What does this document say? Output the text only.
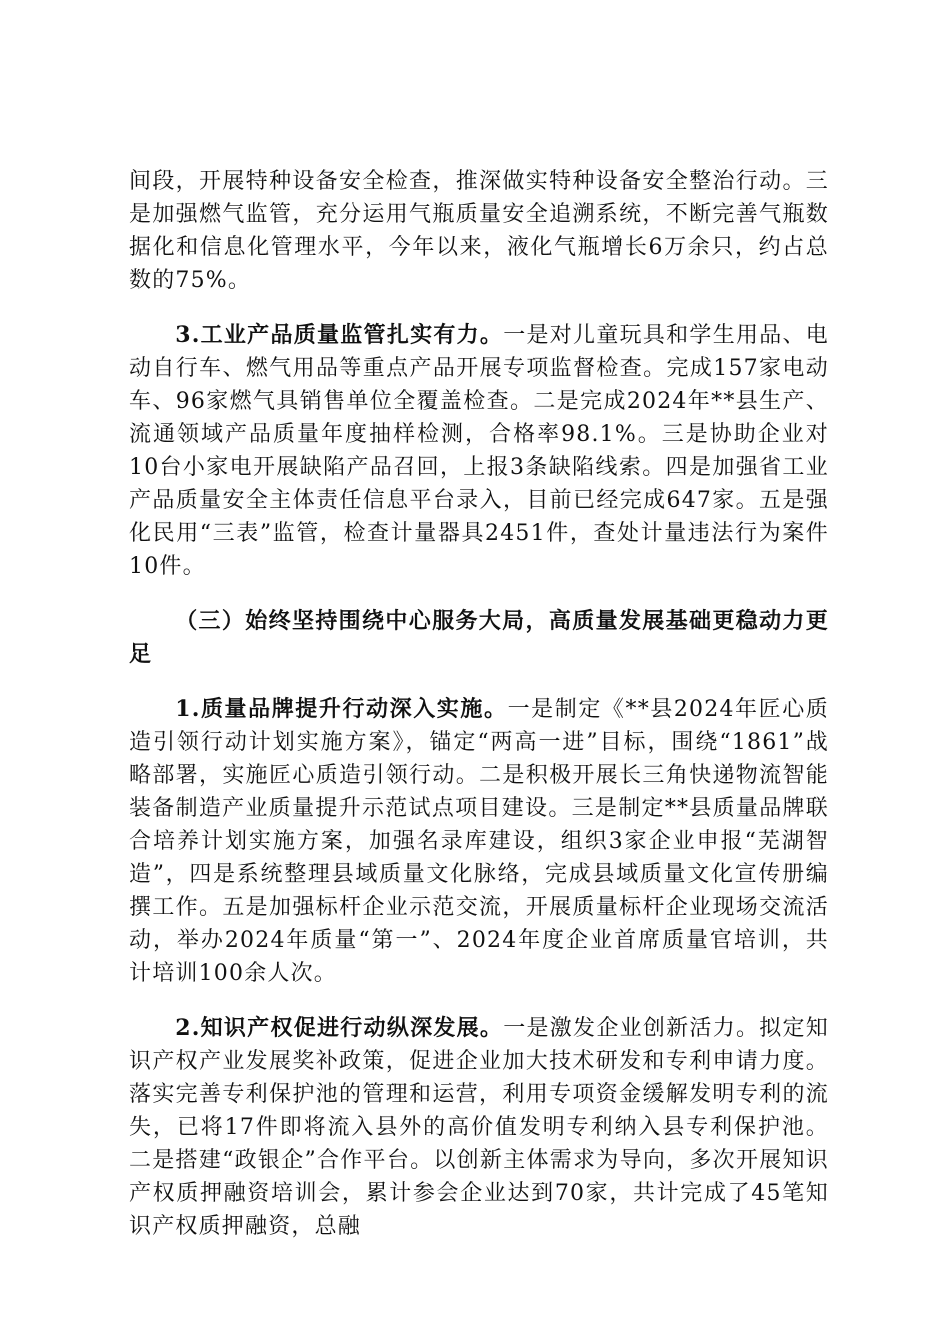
间段，开展特种设备安全检查，推深做实特种设备安全整治行动。三是加强燃气监管，充分运用气瓶质量安全追溯系统，不断完善气瓶数据化和信息化管理水平，今年以来，液化气瓶增长6万余只，约占总数的75%。

3.工业产品质量监管扎实有力。一是对儿童玩具和学生用品、电动自行车、燃气用品等重点产品开展专项监督检查。完成157家电动车、96家燃气具销售单位全覆盖检查。二是完成2024年**县生产、流通领域产品质量年度抽样检测，合格率98.1%。三是协助企业对10台小家电开展缺陷产品召回，上报3条缺陷线索。四是加强省工业产品质量安全主体责任信息平台录入，目前已经完成647家。五是强化民用“三表”监管，检查计量器具2451件，查处计量违法行为案件10件。

（三）始终坚持围绕中心服务大局，高质量发展基础更稳动力更足

1.质量品牌提升行动深入实施。一是制定《**县2024年匠心质造引领行动计划实施方案》，锚定“两高一进”目标，围绕“1861”战略部署，实施匠心质造引领行动。二是积极开展长三角快递物流智能装备制造产业质量提升示范试点项目建设。三是制定**县质量品牌联合培养计划实施方案，加强名录库建设，组织3家企业申报“芜湖智造”，四是系统整理县域质量文化脉络，完成县域质量文化宣传册编撰工作。五是加强标杆企业示范交流，开展质量标杆企业现场交流活动，举办2024年质量“第一”、2024年度企业首席质量官培训，共计培训100余人次。

2.知识产权促进行动纵深发展。一是激发企业创新活力。拟定知识产权产业发展奖补政策，促进企业加大技术研发和专利申请力度。落实完善专利保护池的管理和运营，利用专项资金缓解发明专利的流失，已将17件即将流入县外的高价值发明专利纳入县专利保护池。二是搭建“政银企”合作平台。以创新主体需求为导向，多次开展知识产权质押融资培训会，累计参会企业达到70家，共计完成了45笔知识产权质押融资，总融
